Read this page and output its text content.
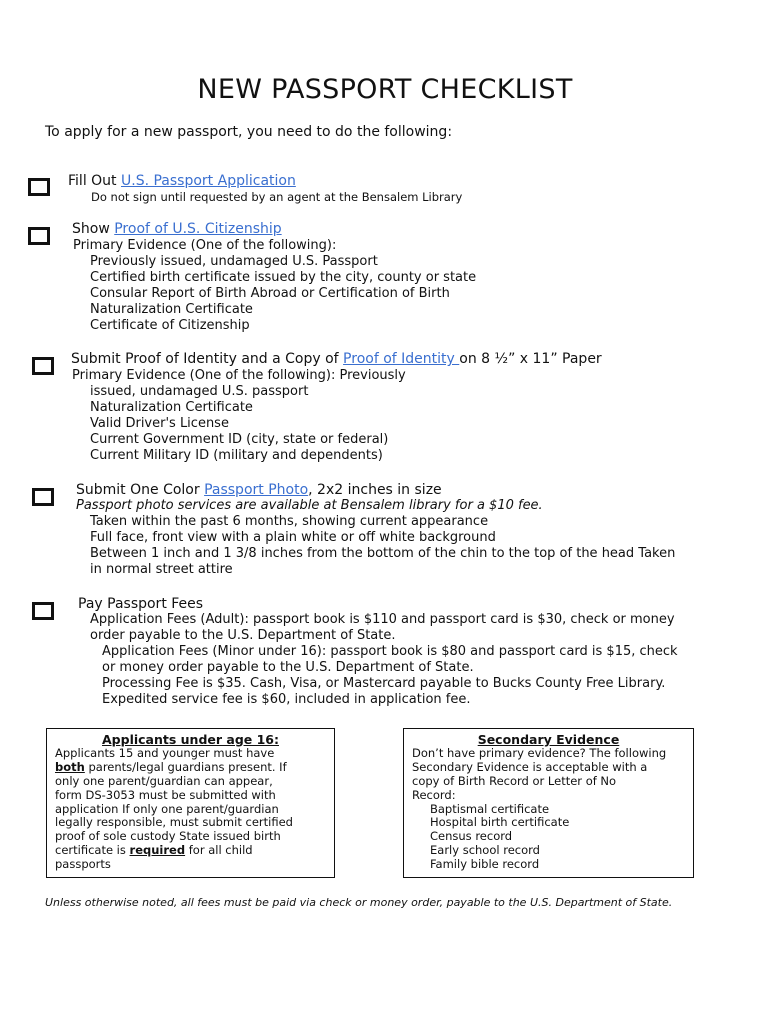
NEW PASSPORT CHECKLIST
To apply for a new passport, you need to do the following:
Fill Out U.S. Passport Application
Do not sign until requested by an agent at the Bensalem Library
Show Proof of U.S. Citizenship
Primary Evidence (One of the following):
Previously issued, undamaged U.S. Passport
Certified birth certificate issued by the city, county or state
Consular Report of Birth Abroad or Certification of Birth
Naturalization Certificate
Certificate of Citizenship
Submit Proof of Identity and a Copy of Proof of Identity on 8 ½” x 11” Paper
Primary Evidence (One of the following): Previously
issued, undamaged U.S. passport
Naturalization Certificate
Valid Driver's License
Current Government ID (city, state or federal)
Current Military ID (military and dependents)
Submit One Color Passport Photo, 2x2 inches in size
Passport photo services are available at Bensalem library for a $10 fee.
Taken within the past 6 months, showing current appearance
Full face, front view with a plain white or off white background
Between 1 inch and 1 3/8 inches from the bottom of the chin to the top of the head Taken
in normal street attire
Pay Passport Fees
Application Fees (Adult): passport book is $110 and passport card is $30, check or money
order payable to the U.S. Department of State.
Application Fees (Minor under 16): passport book is $80 and passport card is $15, check
or money order payable to the U.S. Department of State.
Processing Fee is $35. Cash, Visa, or Mastercard payable to Bucks County Free Library.
Expedited service fee is $60, included in application fee.
Applicants under age 16:
Applicants 15 and younger must have
both parents/legal guardians present. If
only one parent/guardian can appear,
form DS-3053 must be submitted with
application If only one parent/guardian
legally responsible, must submit certified
proof of sole custody State issued birth
certificate is required for all child
passports
Secondary Evidence
Don’t have primary evidence? The following
Secondary Evidence is acceptable with a
copy of Birth Record or Letter of No
Record:
Baptismal certificate
Hospital birth certificate
Census record
Early school record
Family bible record
Unless otherwise noted, all fees must be paid via check or money order, payable to the U.S. Department of State.
